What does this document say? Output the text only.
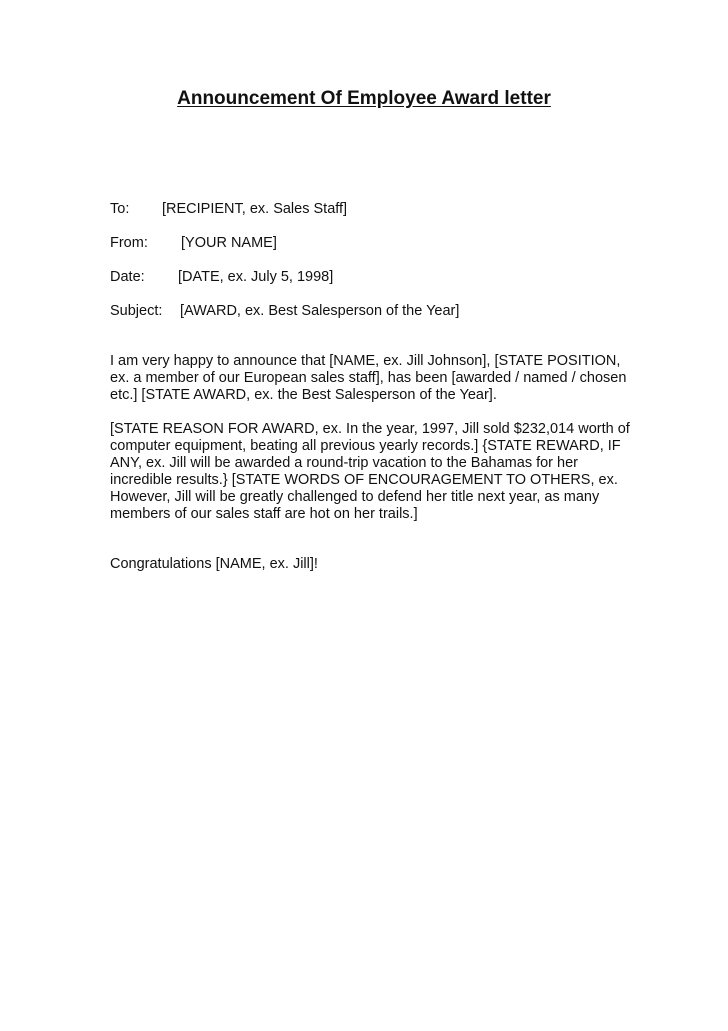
Announcement Of Employee Award letter
To: [RECIPIENT, ex. Sales Staff]
From: [YOUR NAME]
Date: [DATE, ex. July 5, 1998]
Subject: [AWARD, ex. Best Salesperson of the Year]

I am very happy to announce that [NAME, ex. Jill Johnson], [STATE POSITION, ex. a member of our European sales staff], has been [awarded / named / chosen etc.] [STATE AWARD, ex. the Best Salesperson of the Year].

[STATE REASON FOR AWARD, ex. In the year, 1997, Jill sold $232,014 worth of computer equipment, beating all previous yearly records.] {STATE REWARD, IF ANY, ex. Jill will be awarded a round-trip vacation to the Bahamas for her incredible results.} [STATE WORDS OF ENCOURAGEMENT TO OTHERS, ex. However, Jill will be greatly challenged to defend her title next year, as many members of our sales staff are hot on her trails.]

Congratulations [NAME, ex. Jill]!
